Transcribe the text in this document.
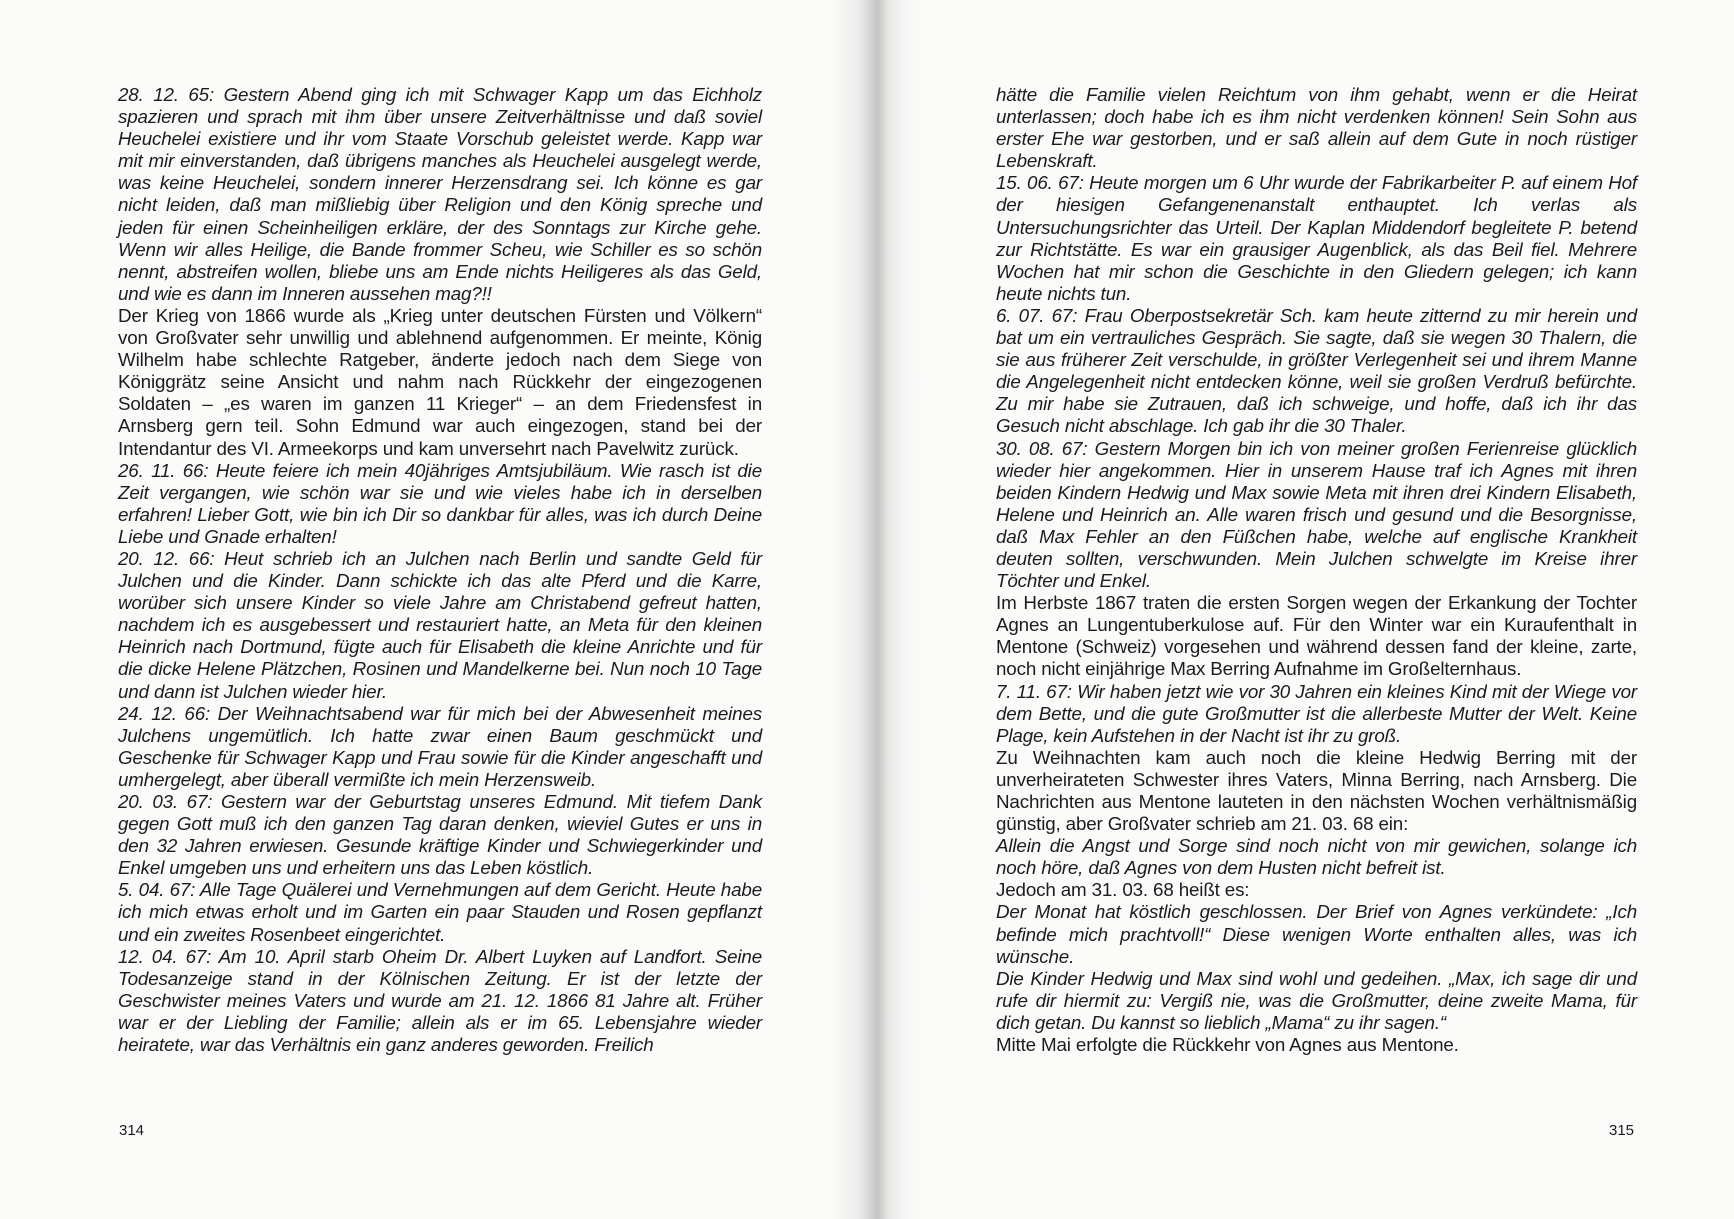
28. 12. 65: Gestern Abend ging ich mit Schwager Kapp um das Eichholz spazieren und sprach mit ihm über unsere Zeitverhältnisse und daß soviel Heuchelei existiere und ihr vom Staate Vorschub geleistet werde. Kapp war mit mir einverstanden, daß übrigens manches als Heuchelei ausgelegt werde, was keine Heuchelei, sondern innerer Herzensdrang sei. Ich könne es gar nicht leiden, daß man mißliebig über Religion und den König spreche und jeden für einen Scheinheiligen erkläre, der des Sonntags zur Kirche gehe. Wenn wir alles Heilige, die Bande frommer Scheu, wie Schiller es so schön nennt, abstreifen wollen, bliebe uns am Ende nichts Heiligeres als das Geld, und wie es dann im Inneren aussehen mag?!!

Der Krieg von 1866 wurde als „Krieg unter deutschen Fürsten und Völkern“ von Großvater sehr unwillig und ablehnend aufgenommen. Er meinte, König Wilhelm habe schlechte Ratgeber, änderte jedoch nach dem Siege von Königgrätz seine Ansicht und nahm nach Rückkehr der eingezogenen Soldaten – „es waren im ganzen 11 Krieger“ – an dem Friedensfest in Arnsberg gern teil. Sohn Edmund war auch eingezogen, stand bei der Intendantur des VI. Armeekorps und kam unversehrt nach Pavelwitz zurück.

26. 11. 66: Heute feiere ich mein 40jähriges Amtsjubiläum. Wie rasch ist die Zeit vergangen, wie schön war sie und wie vieles habe ich in derselben erfahren! Lieber Gott, wie bin ich Dir so dankbar für alles, was ich durch Deine Liebe und Gnade erhalten!

20. 12. 66: Heut schrieb ich an Julchen nach Berlin und sandte Geld für Julchen und die Kinder. Dann schickte ich das alte Pferd und die Karre, worüber sich unsere Kinder so viele Jahre am Christabend gefreut hatten, nachdem ich es ausgebessert und restauriert hatte, an Meta für den kleinen Heinrich nach Dortmund, fügte auch für Elisabeth die kleine Anrichte und für die dicke Helene Plätzchen, Rosinen und Mandelkerne bei. Nun noch 10 Tage und dann ist Julchen wieder hier.

24. 12. 66: Der Weihnachtsabend war für mich bei der Abwesenheit meines Julchens ungemütlich. Ich hatte zwar einen Baum geschmückt und Geschenke für Schwager Kapp und Frau sowie für die Kinder angeschafft und umhergelegt, aber überall vermißte ich mein Herzensweib.

20. 03. 67: Gestern war der Geburtstag unseres Edmund. Mit tiefem Dank gegen Gott muß ich den ganzen Tag daran denken, wieviel Gutes er uns in den 32 Jahren erwiesen. Gesunde kräftige Kinder und Schwiegerkinder und Enkel umgeben uns und erheitern uns das Leben köstlich.

5. 04. 67: Alle Tage Quälerei und Vernehmungen auf dem Gericht. Heute habe ich mich etwas erholt und im Garten ein paar Stauden und Rosen gepflanzt und ein zweites Rosenbeet eingerichtet.

12. 04. 67: Am 10. April starb Oheim Dr. Albert Luyken auf Landfort. Seine Todesanzeige stand in der Kölnischen Zeitung. Er ist der letzte der Geschwister meines Vaters und wurde am 21. 12. 1866 81 Jahre alt. Früher war er der Liebling der Familie; allein als er im 65. Lebensjahre wieder heiratete, war das Verhältnis ein ganz anderes geworden. Freilich

314

hätte die Familie vielen Reichtum von ihm gehabt, wenn er die Heirat unterlassen; doch habe ich es ihm nicht verdenken können! Sein Sohn aus erster Ehe war gestorben, und er saß allein auf dem Gute in noch rüstiger Lebenskraft.

15. 06. 67: Heute morgen um 6 Uhr wurde der Fabrikarbeiter P. auf einem Hof der hiesigen Gefangenenanstalt enthauptet. Ich verlas als Untersuchungsrichter das Urteil. Der Kaplan Middendorf begleitete P. betend zur Richtstätte. Es war ein grausiger Augenblick, als das Beil fiel. Mehrere Wochen hat mir schon die Geschichte in den Gliedern gelegen; ich kann heute nichts tun.

6. 07. 67: Frau Oberpostsekretär Sch. kam heute zitternd zu mir herein und bat um ein vertrauliches Gespräch. Sie sagte, daß sie wegen 30 Thalern, die sie aus früherer Zeit verschulde, in größter Verlegenheit sei und ihrem Manne die Angelegenheit nicht entdecken könne, weil sie großen Verdruß befürchte. Zu mir habe sie Zutrauen, daß ich schweige, und hoffe, daß ich ihr das Gesuch nicht abschlage. Ich gab ihr die 30 Thaler.

30. 08. 67: Gestern Morgen bin ich von meiner großen Ferienreise glücklich wieder hier angekommen. Hier in unserem Hause traf ich Agnes mit ihren beiden Kindern Hedwig und Max sowie Meta mit ihren drei Kindern Elisabeth, Helene und Heinrich an. Alle waren frisch und gesund und die Besorgnisse, daß Max Fehler an den Füßchen habe, welche auf englische Krankheit deuten sollten, verschwunden. Mein Julchen schwelgte im Kreise ihrer Töchter und Enkel.

Im Herbste 1867 traten die ersten Sorgen wegen der Erkankung der Tochter Agnes an Lungentuberkulose auf. Für den Winter war ein Kuraufenthalt in Mentone (Schweiz) vorgesehen und während dessen fand der kleine, zarte, noch nicht einjährige Max Berring Aufnahme im Großelternhaus.

7. 11. 67: Wir haben jetzt wie vor 30 Jahren ein kleines Kind mit der Wiege vor dem Bette, und die gute Großmutter ist die allerbeste Mutter der Welt. Keine Plage, kein Aufstehen in der Nacht ist ihr zu groß.

Zu Weihnachten kam auch noch die kleine Hedwig Berring mit der unverheirateten Schwester ihres Vaters, Minna Berring, nach Arnsberg. Die Nachrichten aus Mentone lauteten in den nächsten Wochen verhältnismäßig günstig, aber Großvater schrieb am 21. 03. 68 ein:

Allein die Angst und Sorge sind noch nicht von mir gewichen, solange ich noch höre, daß Agnes von dem Husten nicht befreit ist.

Jedoch am 31. 03. 68 heißt es:

Der Monat hat köstlich geschlossen. Der Brief von Agnes verkündete: „Ich befinde mich prachtvoll!“ Diese wenigen Worte enthalten alles, was ich wünsche.

Die Kinder Hedwig und Max sind wohl und gedeihen. „Max, ich sage dir und rufe dir hiermit zu: Vergiß nie, was die Großmutter, deine zweite Mama, für dich getan. Du kannst so lieblich „Mama“ zu ihr sagen.“

Mitte Mai erfolgte die Rückkehr von Agnes aus Mentone.

315
